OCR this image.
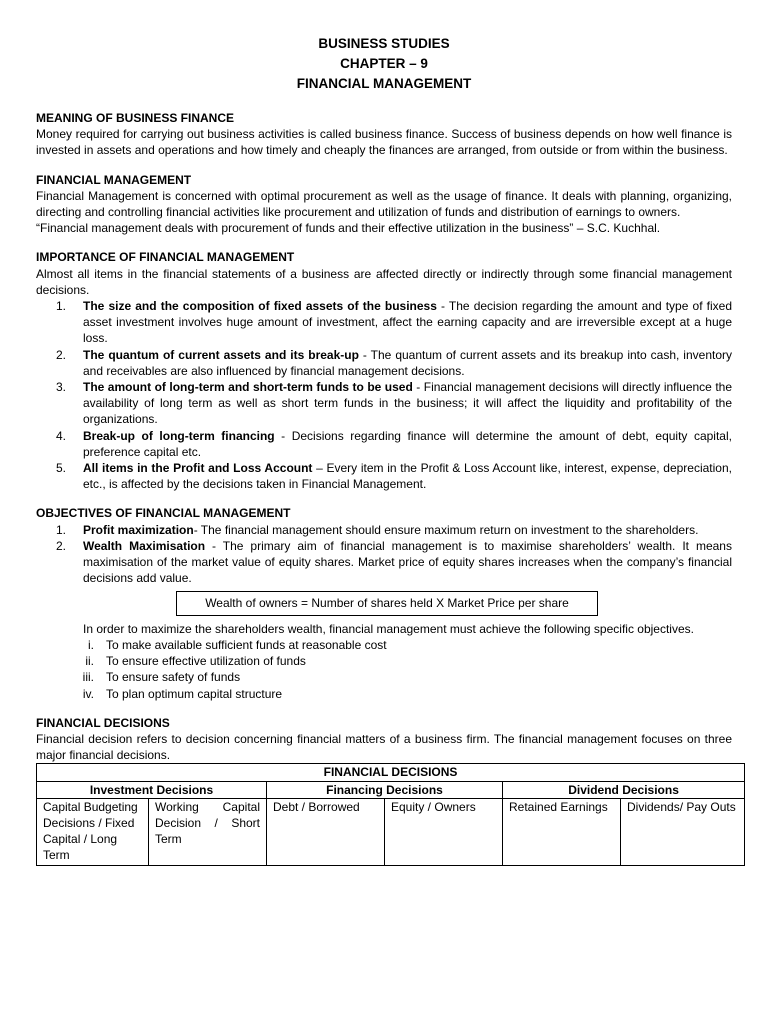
BUSINESS STUDIES
CHAPTER – 9
FINANCIAL MANAGEMENT
MEANING OF BUSINESS FINANCE

Money required for carrying out business activities is called business finance. Success of business depends on how well finance is invested in assets and operations and how timely and cheaply the finances are arranged, from outside or from within the business.

FINANCIAL MANAGEMENT

Financial Management is concerned with optimal procurement as well as the usage of finance. It deals with planning, organizing, directing and controlling financial activities like procurement and utilization of funds and distribution of earnings to owners.

“Financial management deals with procurement of funds and their effective utilization in the business” – S.C. Kuchhal.

IMPORTANCE OF FINANCIAL MANAGEMENT

Almost all items in the financial statements of a business are affected directly or indirectly through some financial management decisions.

1.	The size and the composition of fixed assets of the business - The decision regarding the amount and type of fixed asset investment involves huge amount of investment, affect the earning capacity and are irreversible except at a huge loss.
2.	The quantum of current assets and its break-up - The quantum of current assets and its breakup into cash, inventory and receivables are also influenced by financial management decisions.
3.	The amount of long-term and short-term funds to be used - Financial management decisions will directly influence the availability of long term as well as short term funds in the business; it will affect the liquidity and profitability of the organizations.
4.	Break-up of long-term financing - Decisions regarding finance will determine the amount of debt, equity capital, preference capital etc.
5.	All items in the Profit and Loss Account – Every item in the Profit & Loss Account like, interest, expense, depreciation, etc., is affected by the decisions taken in Financial Management.
OBJECTIVES OF FINANCIAL MANAGEMENT
1.	Profit maximization- The financial management should ensure maximum return on investment to the shareholders.
2.	Wealth Maximisation - The primary aim of financial management is to maximise shareholders’ wealth. It means maximisation of the market value of equity shares. Market price of equity shares increases when the company’s financial decisions add value.
Wealth of owners = Number of shares held X Market Price per share

In order to maximize the shareholders wealth, financial management must achieve the following specific objectives.

i. To make available sufficient funds at reasonable cost
ii. To ensure effective utilization of funds
iii. To ensure safety of funds
iv. To plan optimum capital structure
FINANCIAL DECISIONS

Financial decision refers to decision concerning financial matters of a business firm. The financial management focuses on three major financial decisions.

FINANCIAL DECISIONS					
Investment Decisions		Financing Decisions		Dividend Decisions	
Capital Budgeting Decisions / Fixed Capital / Long Term	Working Capital Decision / Short Term	Debt / Borrowed	Equity / Owners	Retained Earnings	Dividends/ Pay Outs
